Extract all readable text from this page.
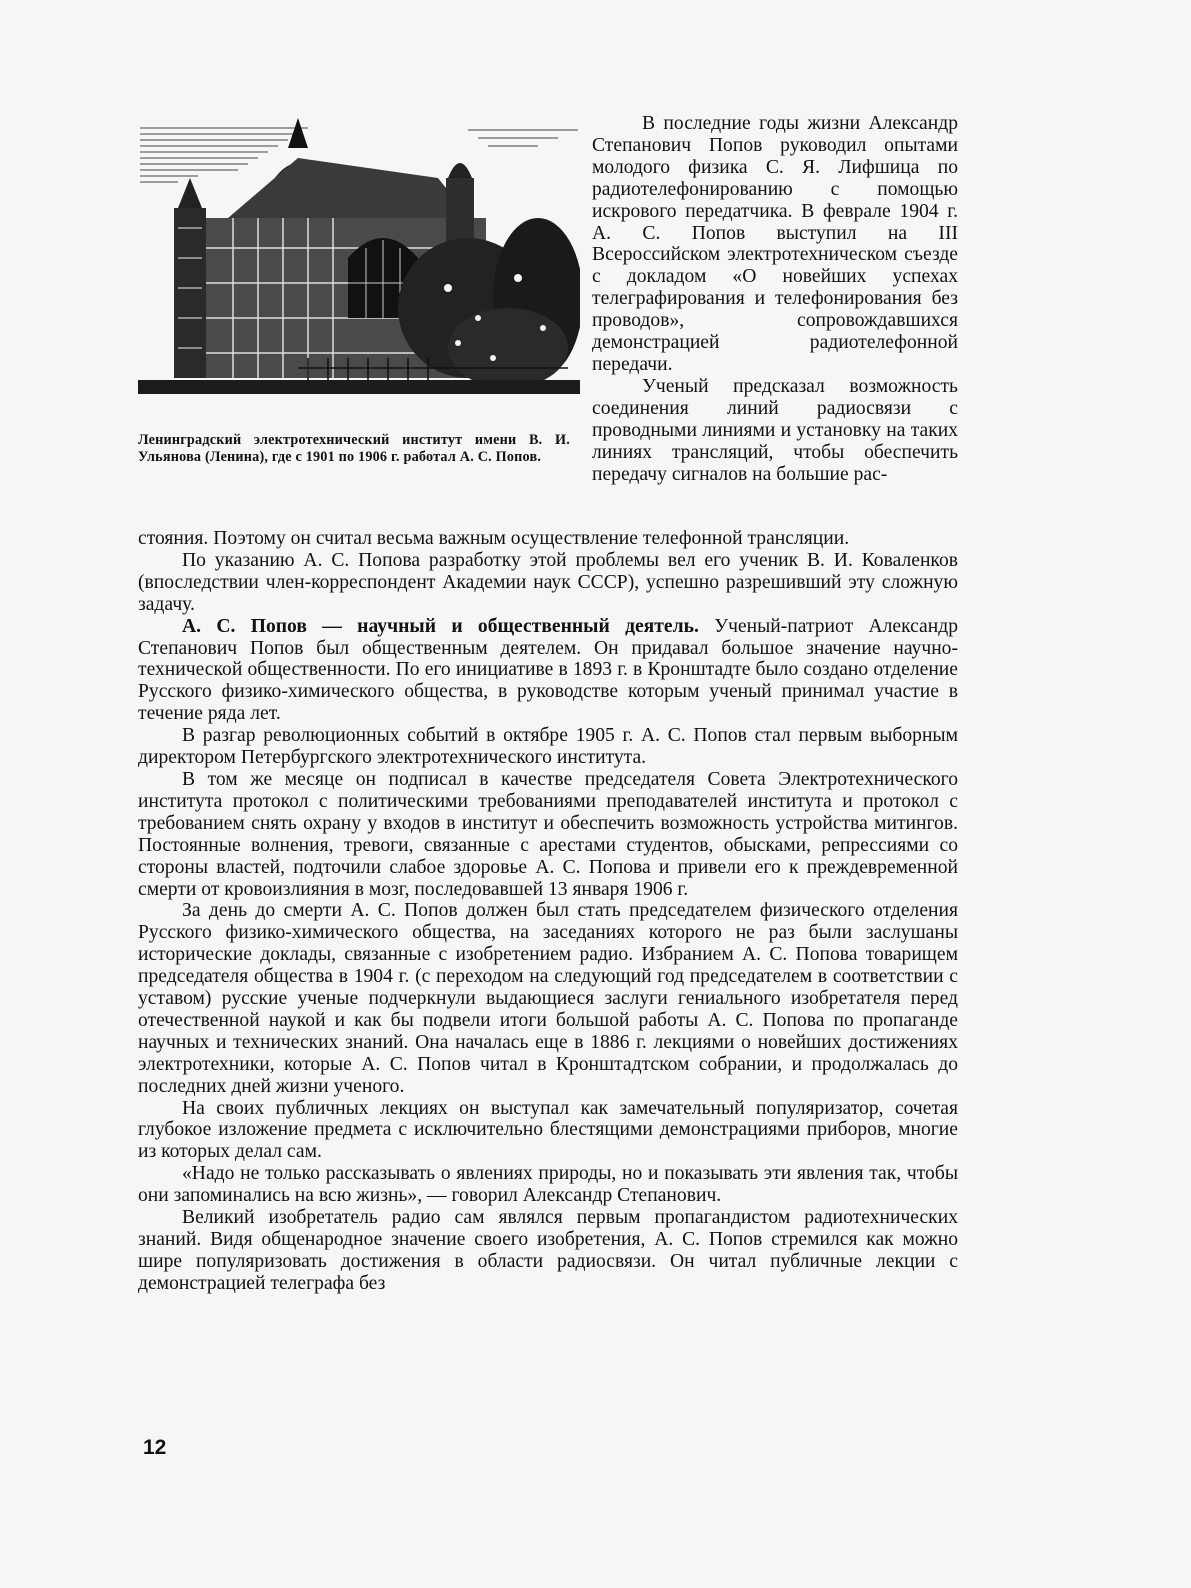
Ленинградский электротехнический институт имени В. И. Ульянова (Ленина), где с 1901 по 1906 г. работал А. С. Попов.

В последние годы жизни Александр Степанович Попов руководил опытами молодого физика С. Я. Лифшица по радиотелефонированию с помощью искрового передатчика. В феврале 1904 г. А. С. Попов выступил на III Всероссийском электротехническом съезде с докладом «О новейших успехах телеграфирования и телефонирования без проводов», сопровождавшихся демонстрацией радиотелефонной передачи.

Ученый предсказал возможность соединения линий радиосвязи с проводными линиями и установку на таких линиях трансляций, чтобы обеспечить передачу сигналов на большие рас-

стояния. Поэтому он считал весьма важным осуществление телефонной трансляции.

По указанию А. С. Попова разработку этой проблемы вел его ученик В. И. Коваленков (впоследствии член-корреспондент Академии наук СССР), успешно разрешивший эту сложную задачу.

А. С. Попов — научный и общественный деятель. Ученый-патриот Александр Степанович Попов был общественным деятелем. Он придавал большое значение научно-технической общественности. По его инициативе в 1893 г. в Кронштадте было создано отделение Русского физико-химического общества, в руководстве которым ученый принимал участие в течение ряда лет.

В разгар революционных событий в октябре 1905 г. А. С. Попов стал первым выборным директором Петербургского электротехнического института.

В том же месяце он подписал в качестве председателя Совета Электротехнического института протокол с политическими требованиями преподавателей института и протокол с требованием снять охрану у входов в институт и обеспечить возможность устройства митингов. Постоянные волнения, тревоги, связанные с арестами студентов, обысками, репрессиями со стороны властей, подточили слабое здоровье А. С. Попова и привели его к преждевременной смерти от кровоизлияния в мозг, последовавшей 13 января 1906 г.

За день до смерти А. С. Попов должен был стать председателем физического отделения Русского физико-химического общества, на заседаниях которого не раз были заслушаны исторические доклады, связанные с изобретением радио. Избранием А. С. Попова товарищем председателя общества в 1904 г. (с переходом на следующий год председателем в соответствии с уставом) русские ученые подчеркнули выдающиеся заслуги гениального изобретателя перед отечественной наукой и как бы подвели итоги большой работы А. С. Попова по пропаганде научных и технических знаний. Она началась еще в 1886 г. лекциями о новейших достижениях электротехники, которые А. С. Попов читал в Кронштадтском собрании, и продолжалась до последних дней жизни ученого.

На своих публичных лекциях он выступал как замечательный популяризатор, сочетая глубокое изложение предмета с исключительно блестящими демонстрациями приборов, многие из которых делал сам.

«Надо не только рассказывать о явлениях природы, но и показывать эти явления так, чтобы они запоминались на всю жизнь», — говорил Александр Степанович.

Великий изобретатель радио сам являлся первым пропагандистом радиотехнических знаний. Видя общенародное значение своего изобретения, А. С. Попов стремился как можно шире популяризовать достижения в области радиосвязи. Он читал публичные лекции с демонстрацией телеграфа без

12
